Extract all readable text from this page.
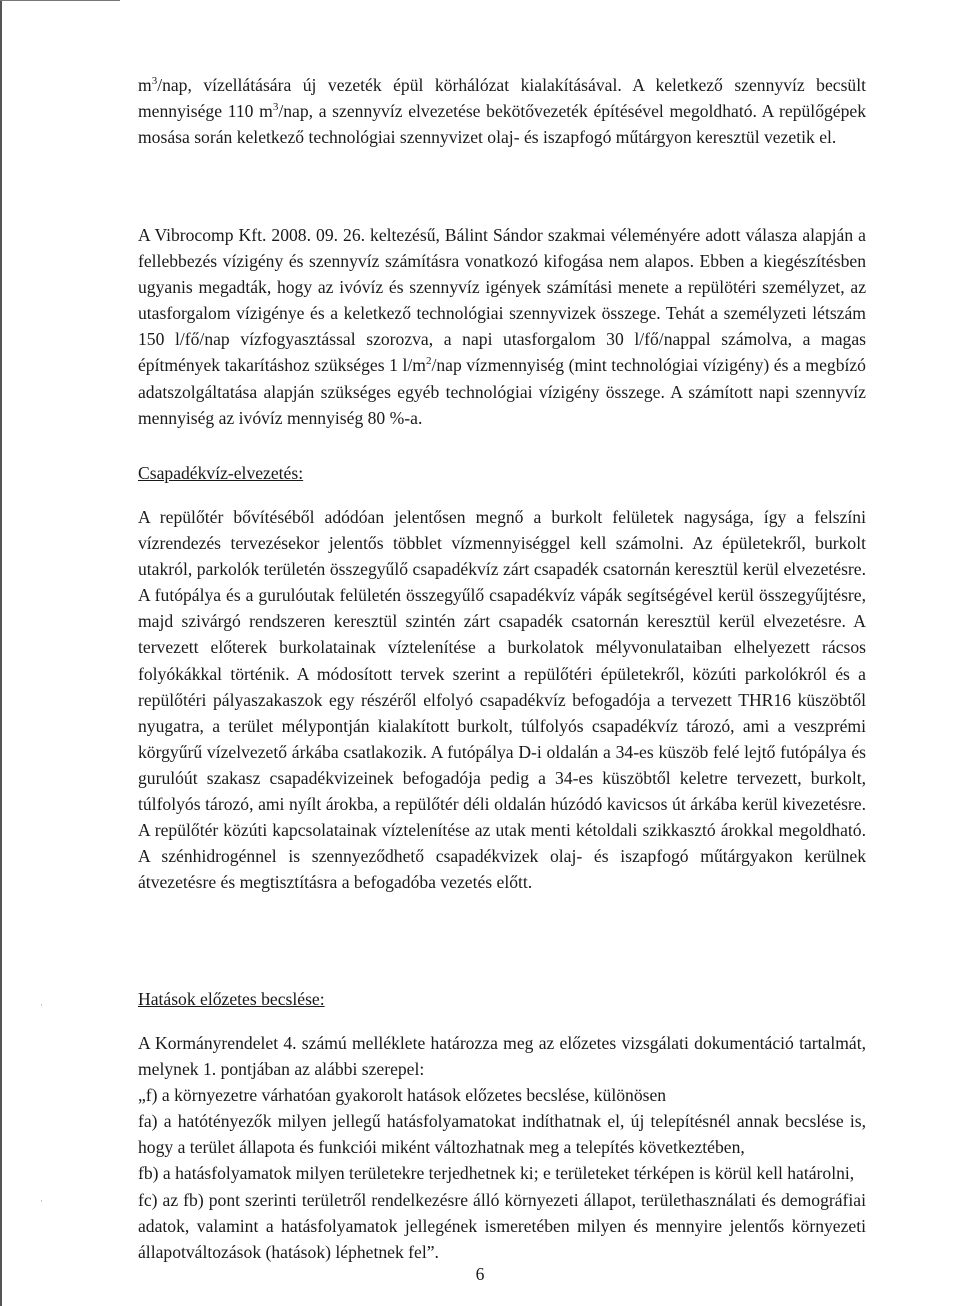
·
·

$m^3$/nap, vízellátására új vezeték épül körhálózat kialakításával. A keletkező szennyvíz becsült mennyisége 110 $m^3$/nap, a szennyvíz elvezetése bekötővezeték építésével megoldható. A repülőgépek mosása során keletkező technológiai szennyvizet olaj- és iszapfogó műtárgyon keresztül vezetik el.

A Vibrocomp Kft. 2008. 09. 26. keltezésű, Bálint Sándor szakmai véleményére adott válasza alapján a fellebbezés vízigény és szennyvíz számításra vonatkozó kifogása nem alapos. Ebben a kiegészítésben ugyanis megadták, hogy az ivóvíz és szennyvíz igények számítási menete a repülötéri személyzet, az utasforgalom vízigénye és a keletkező technológiai szennyvizek összege. Tehát a személyzeti létszám 150 l/fő/nap vízfogyasztással szorozva, a napi utasforgalom 30 l/fő/nappal számolva, a magas építmények takarításhoz szükséges 1 $l/m^2$/nap vízmennyiség (mint technológiai vízigény) és a megbízó adatszolgáltatása alapján szükséges egyéb technológiai vízigény összege. A számított napi szennyvíz mennyiség az ivóvíz mennyiség 80 %-a.

Csapadékvíz-elvezetés:

A repülőtér bővítéséből adódóan jelentősen megnő a burkolt felületek nagysága, így a felszíni vízrendezés tervezésekor jelentős többlet vízmennyiséggel kell számolni. Az épületekről, burkolt utakról, parkolók területén összegyűlő csapadékvíz zárt csapadék csatornán keresztül kerül elvezetésre. A futópálya és a gurulóutak felületén összegyűlő csapadékvíz vápák segítségével kerül összegyűjtésre, majd szivárgó rendszeren keresztül szintén zárt csapadék csatornán keresztül kerül elvezetésre. A tervezett előterek burkolatainak víztelenítése a burkolatok mélyvonulataiban elhelyezett rácsos folyókákkal történik. A módosított tervek szerint a repülőtéri épületekről, közúti parkolókról és a repülőtéri pályaszakaszok egy részéről elfolyó csapadékvíz befogadója a tervezett THR16 küszöbtől nyugatra, a terület mélypontján kialakított burkolt, túlfolyós csapadékvíz tározó, ami a veszprémi körgyűrű vízelvezető árkába csatlakozik. A futópálya D-i oldalán a 34-es küszöb felé lejtő futópálya és gurulóút szakasz csapadékvizeinek befogadója pedig a 34-es küszöbtől keletre tervezett, burkolt, túlfolyós tározó, ami nyílt árokba, a repülőtér déli oldalán húzódó kavicsos út árkába kerül kivezetésre. A repülőtér közúti kapcsolatainak víztelenítése az utak menti kétoldali szikkasztó árokkal megoldható. A szénhidrogénnel is szennyeződhető csapadékvizek olaj- és iszapfogó műtárgyakon kerülnek átvezetésre és megtisztításra a befogadóba vezetés előtt.

Hatások előzetes becslése:

A Kormányrendelet 4. számú melléklete határozza meg az előzetes vizsgálati dokumentáció tartalmát, melynek 1. pontjában az alábbi szerepel:

„f) a környezetre várhatóan gyakorolt hatások előzetes becslése, különösen

fa) a hatótényezők milyen jellegű hatásfolyamatokat indíthatnak el, új telepítésnél annak becslése is, hogy a terület állapota és funkciói miként változhatnak meg a telepítés következtében,

fb) a hatásfolyamatok milyen területekre terjedhetnek ki; e területeket térképen is körül kell határolni,

fc) az fb) pont szerinti területről rendelkezésre álló környezeti állapot, területhasználati és demográfiai adatok, valamint a hatásfolyamatok jellegének ismeretében milyen és mennyire jelentős környezeti állapotváltozások (hatások) léphetnek fel”.

6
